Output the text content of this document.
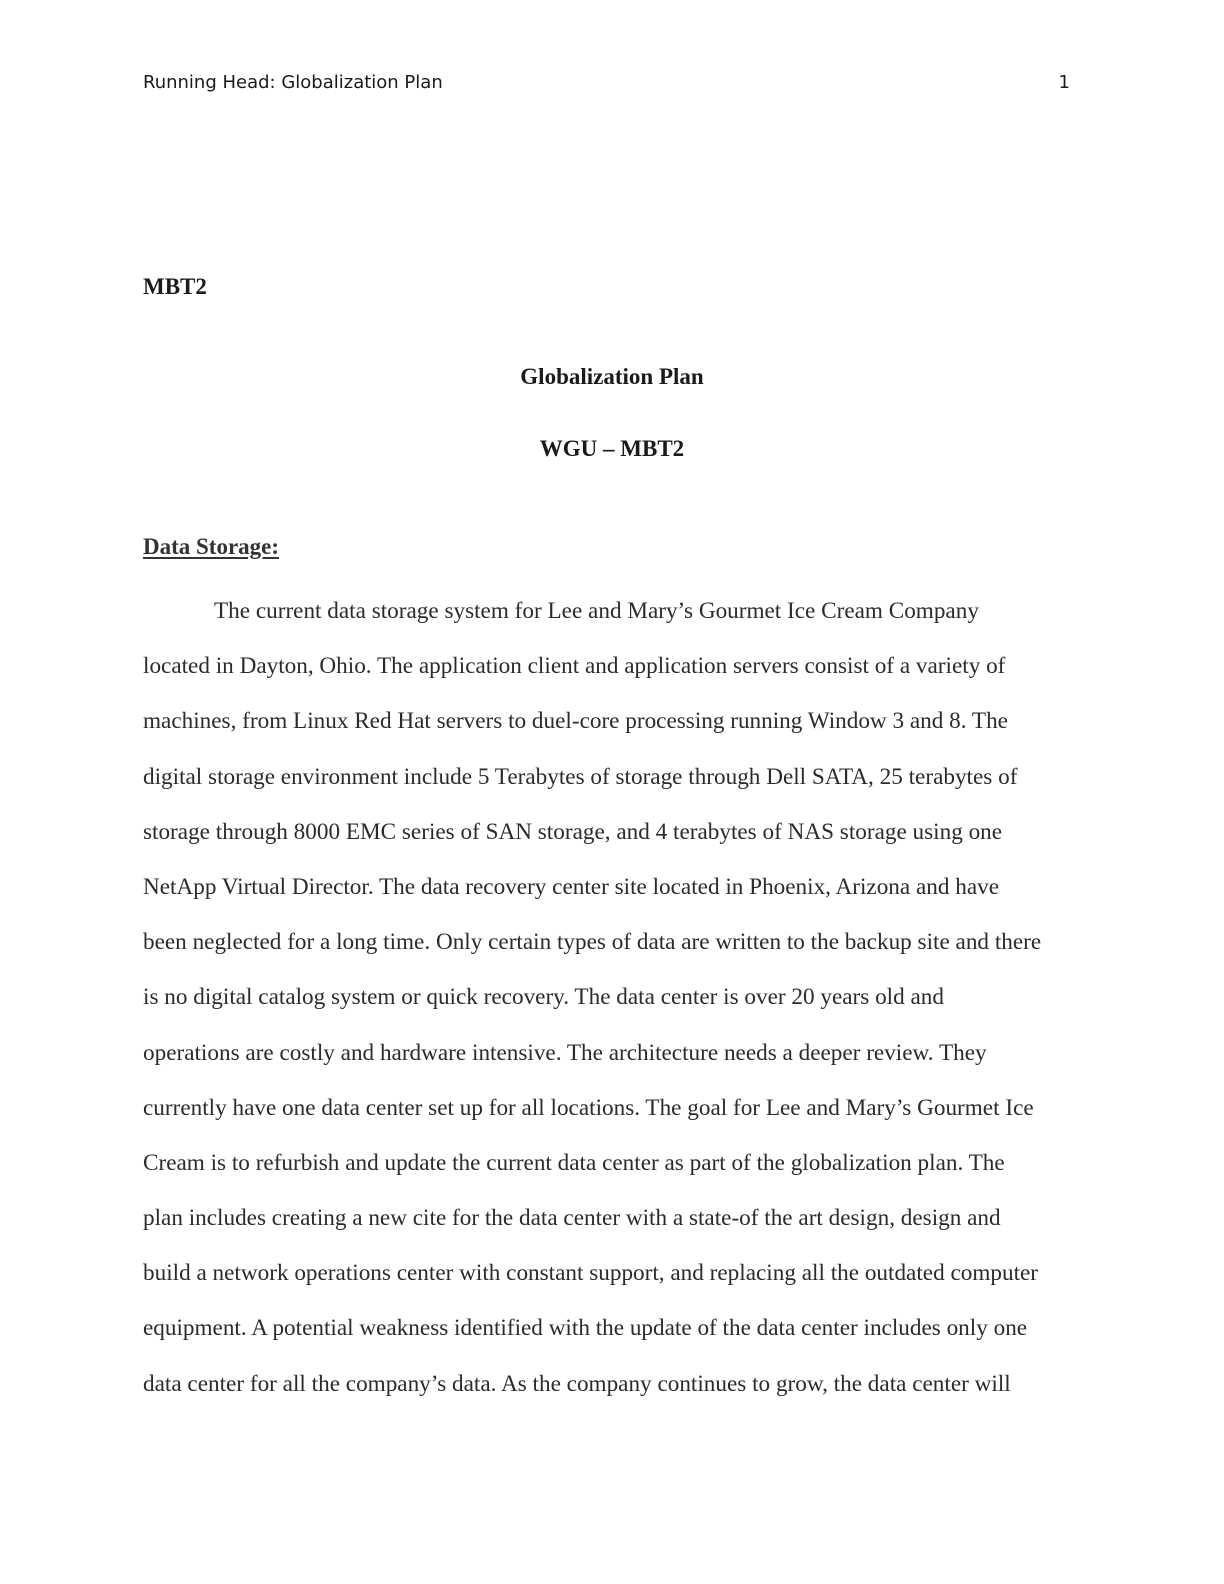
Running Head: Globalization Plan	1

MBT2

Globalization Plan

WGU – MBT2

Data Storage:

The current data storage system for Lee and Mary’s Gourmet Ice Cream Company
located in Dayton, Ohio. The application client and application servers consist of a variety of
machines, from Linux Red Hat servers to duel-core processing running Window 3 and 8. The
digital storage environment include 5 Terabytes of storage through Dell SATA, 25 terabytes of
storage through 8000 EMC series of SAN storage, and 4 terabytes of NAS storage using one
NetApp Virtual Director. The data recovery center site located in Phoenix, Arizona and have
been neglected for a long time. Only certain types of data are written to the backup site and there
is no digital catalog system or quick recovery. The data center is over 20 years old and
operations are costly and hardware intensive. The architecture needs a deeper review. They
currently have one data center set up for all locations. The goal for Lee and Mary’s Gourmet Ice
Cream is to refurbish and update the current data center as part of the globalization plan. The
plan includes creating a new cite for the data center with a state-of the art design, design and
build a network operations center with constant support, and replacing all the outdated computer
equipment. A potential weakness identified with the update of the data center includes only one
data center for all the company’s data. As the company continues to grow, the data center will
